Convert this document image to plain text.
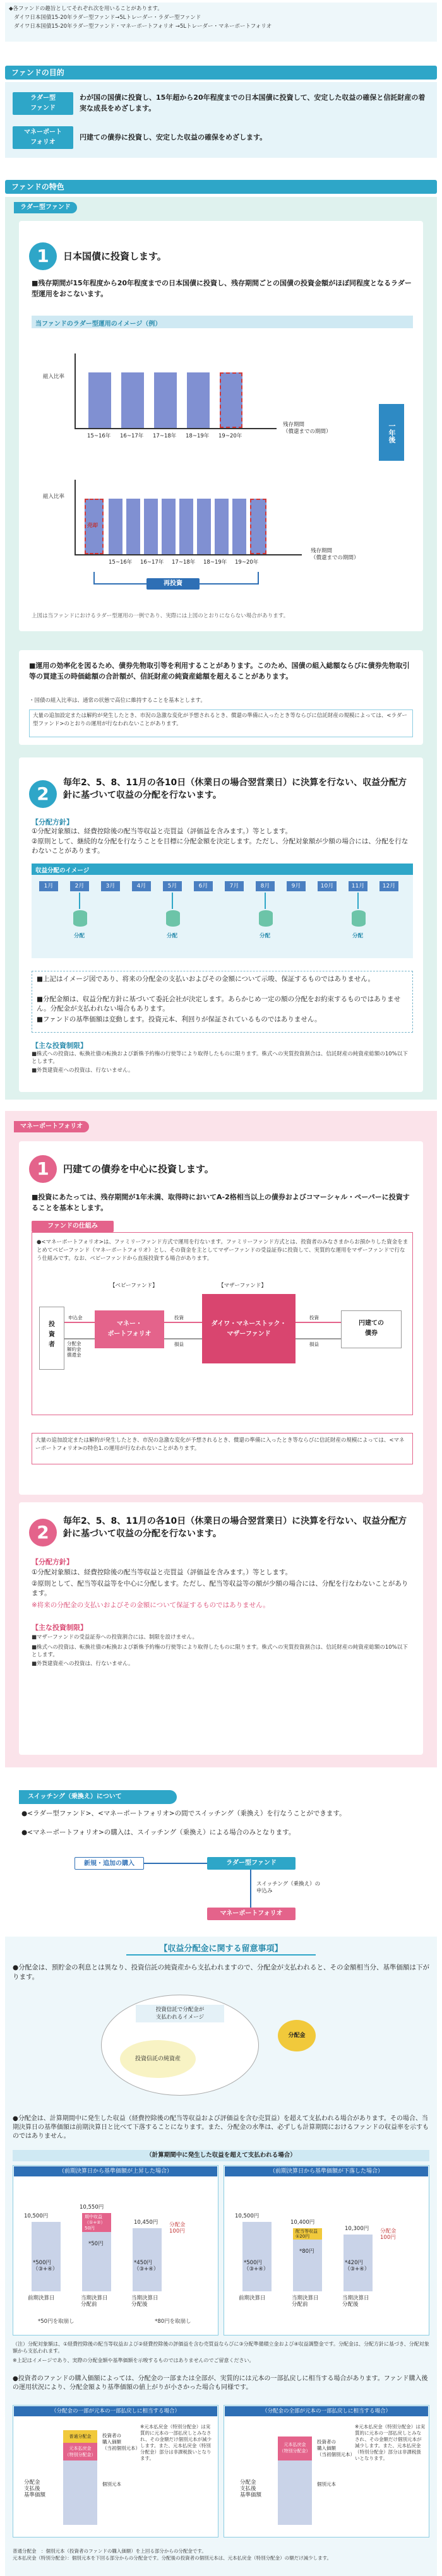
◆各ファンドの趣旨としてそれぞれ次を用いることがあります。
ダイワ日本国債15-20年ラダー型ファンド→5Lトレーダー・ラダー型ファンド
ダイワ日本国債15-20年ラダー型ファンド・マネーポートフォリオ →5Lトレーダー・マネーポートフォリオ
ファンドの目的
ラダー型
ファンド
わが国の国債に投資し、15年超から20年程度までの日本国債に投資して、安定した収益の確保と信託財産の着実な成長をめざします。
マネーポート
フォリオ
円建ての債券に投資し、安定した収益の確保をめざします。
ファンドの特色
ラダー型ファンド
1	日本国債に投資します。
■残存期間が15年程度から20年程度までの日本国債に投資し、残存期間ごとの国債の投資金額がほぼ同程度となるラダー型運用をおこないます。
当ファンドのラダー型運用のイメージ（例）
組入比率
15~16年 16~17年 17~18年 18~19年 19~20年
残存期間
（償還までの期間）	一年後
組入比率
売却
15~16年 16~17年 17~18年 18~19年 19~20年
残存期間
（償還までの期間）
再投資
上図は当ファンドにおけるラダー型運用の一例であり、実際には上図のとおりにならない場合があります。
■運用の効率化を図るため、債券先物取引等を利用することがあります。このため、国債の組入総額ならびに債券先物取引等の買建玉の時価総額の合計額が、信託財産の純資産総額を超えることがあります。
・国債の組入比率は、通常の状態で高位に維持することを基本とします。
大量の追加設定または解約が発生したとき、市況の急激な変化が予想されるとき、償還の準備に入ったとき等ならびに信託財産の規模によっては、<ラダー型ファンド>のとおりの運用が行なわれないことがあります。
2
毎年2、5、8、11月の各10日（休業日の場合翌営業日）に決算を行ない、収益分配方針に基づいて収益の分配を行ないます。
【分配方針】
①分配対象額は、経費控除後の配当等収益と売買益（評価益を含みます。）等とします。
②原則として、継続的な分配を行なうことを目標に分配金額を決定します。ただし、分配対象額が少額の場合には、分配を行なわないことがあります。
収益分配のイメージ
1月	2月
分配
3月	4月	5月
分配
6月	7月	8月
分配
9月	10月	11月
分配
12月
■上記はイメージ図であり、将来の分配金の支払いおよびその金額について示唆、保証するものではありません。
■分配金額は、収益分配方針に基づいて委託会社が決定します。あらかじめ一定の額の分配をお約束するものではありません。分配金が支払われない場合もあります。
■ファンドの基準価額は変動します。投資元本、利回りが保証されているものではありません。
【主な投資制限】
■株式への投資は、転換社債の転換および新株予約権の行使等により取得したものに限ります。株式への実質投資割合は、信託財産の純資産総額の10%以下とします。
■外貨建資産への投資は、行ないません。
マネーポートフォリオ
1	円建ての債券を中心に投資します。
■投資にあたっては、残存期間が1年未満、取得時においてA-2格相当以上の債券およびコマーシャル・ペーパーに投資することを基本とします。
ファンドの仕組み
●<マネーポートフォリオ>は、ファミリーファンド方式で運用を行ないます。ファミリーファンド方式とは、投資者のみなさまからお預かりした資金をまとめてベビーファンド（マネーポートフォリオ）とし、その資金を主としてマザーファンドの受益証券に投資して、実質的な運用をマザーファンドで行なう仕組みです。なお、ベビーファンドから直接投資する場合があります。
投
資
者
【ベビーファンド】
マネー・
ポートフォリオ
【マザーファンド】
ダイワ・マネーストック・
マザーファンド
円建ての
債券
申込金
分配金
解約金
償還金
投資
損益
投資
損益
大量の追加設定または解約が発生したとき、市況の急激な変化が予想されるとき、償還の準備に入ったとき等ならびに信託財産の規模によっては、<マネーポートフォリオ>の特色1.の運用が行なわれないことがあります。
2
毎年2、5、8、11月の各10日（休業日の場合翌営業日）に決算を行ない、収益分配方針に基づいて収益の分配を行ないます。
【分配方針】
①分配対象額は、経費控除後の配当等収益と売買益（評価益を含みます。）等とします。
②原則として、配当等収益等を中心に分配します。ただし、配当等収益等の額が少額の場合には、分配を行なわないことがあります。
※将来の分配金の支払いおよびその金額について保証するものではありません。
【主な投資制限】
■マザーファンドの受益証券への投資割合には、制限を設けません。
■株式への投資は、転換社債の転換および新株予約権の行使等により取得したものに限ります。株式への実質投資割合は、信託財産の純資産総額の10%以下とします。
■外貨建資産への投資は、行ないません。
スイッチング（乗換え）について
●<ラダー型ファンド>、<マネーポートフォリオ>の間でスイッチング（乗換え）を行なうことができます。
●<マネーポートフォリオ>の購入は、スイッチング（乗換え）による場合のみとなります。
新規・追加の購入	ラダー型ファンド
スイッチング（乗換え）の
申込み
マネーポートフォリオ
【収益分配金に関する留意事項】
●分配金は、預貯金の利息とは異なり、投資信託の純資産から支払われますので、分配金が支払われると、その金額相当分、基準価額は下がります。
投資信託で分配金が
支払われるイメージ
投資信託の純資産
分配金
●分配金は、計算期間中に発生した収益（経費控除後の配当等収益および評価益を含む売買益）を超えて支払われる場合があります。その場合、当期決算日の基準価額は前期決算日と比べて下落することになります。また、分配金の水準は、必ずしも計算期間におけるファンドの収益率を示すものではありません。
（計算期間中に発生した収益を超えて支払われる場合）
（前期決算日から基準価額が上昇した場合）	（前期決算日から基準価額が下落した場合）
10,500円
10,550円
10,450円
期中収益
（①+②）
50円
*50円
分配金
100円
*500円
（③+④）
*450円
（③+④）
前期決算日	当期決算日
分配前
当期決算日
分配後
10,500円
10,400円
10,300円
配当等収益
①20円
*80円
分配金
100円
*500円
（③+④）
*420円
（③+④）
前期決算日	当期決算日
分配前
当期決算日
分配後
*50円を取崩し　　　　　　　　　　　　　　　*80円を取崩し
（注）分配対象額は、①経費控除後の配当等収益および②経費控除後の評価益を含む売買益ならびに③分配準備積立金および④収益調整金です。分配金は、分配方針に基づき、分配対象額から支払われます。
※上記はイメージであり、実際の分配金額や基準価額を示唆するものではありませんのでご留意ください。
●投資者のファンドの購入価額によっては、分配金の一部または全部が、実質的には元本の一部払戻しに相当する場合があります。ファンド購入後の運用状況により、分配金額より基準価額の値上がりが小さかった場合も同様です。
（分配金の一部が元本の一部払戻しに相当する場合）	（分配金の全部が元本の一部払戻しに相当する場合）
普通分配金
元本払戻金
（特別分配金）
分配金
支払後
基準価額
投資者の
購入価額
（当初個別元本）
個別元本
※元本払戻金（特別分配金）は実質的に元本の一部払戻しとみなされ、その金額だけ個別元本が減少します。また、元本払戻金（特別分配金）部分は非課税扱いとなります。
元本払戻金
（特別分配金）
分配金
支払後
基準価額
投資者の
購入価額
（当初個別元本）
個別元本
※元本払戻金（特別分配金）は実質的に元本の一部払戻しとみなされ、その金額だけ個別元本が減少します。また、元本払戻金（特別分配金）部分は非課税扱いとなります。
普通分配金　：個別元本（投資者のファンドの購入価額）を上回る部分からの分配金です。
元本払戻金（特別分配金）：個別元本を下回る部分からの分配金です。分配後の投資者の個別元本は、元本払戻金（特別分配金）の額だけ減少します。
